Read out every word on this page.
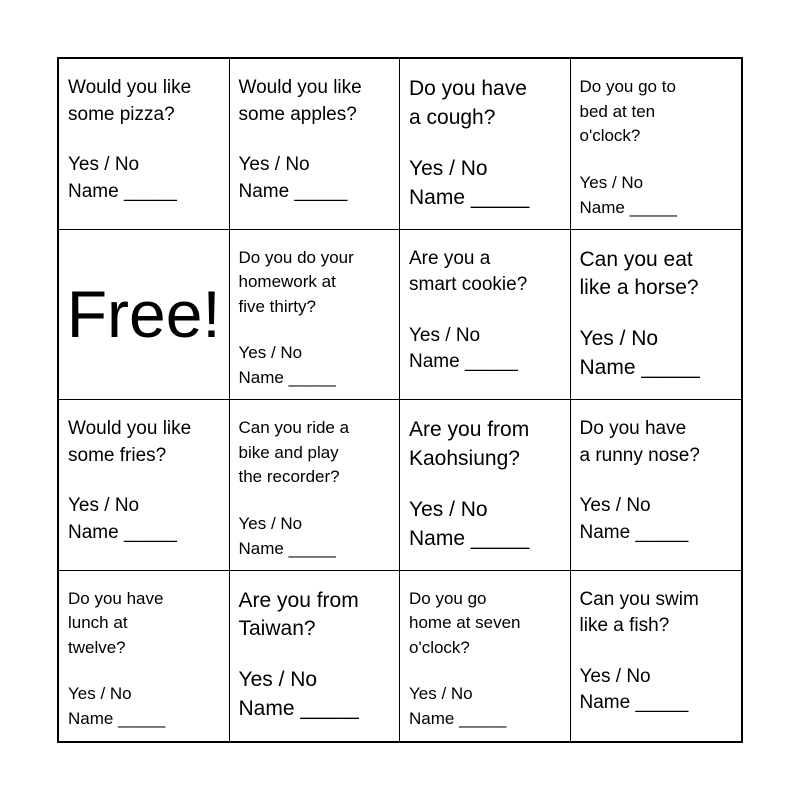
Would you like
some pizza?

Yes / No
Name _____

Would you like
some apples?

Yes / No
Name _____

Do you have
a cough?

Yes / No
Name _____

Do you go to
bed at ten
o'clock?

Yes / No
Name _____

Free!

Do you do your
homework at
five thirty?

Yes / No
Name _____

Are you a
smart cookie?

Yes / No
Name _____

Can you eat
like a horse?

Yes / No
Name _____

Would you like
some fries?

Yes / No
Name _____

Can you ride a
bike and play
the recorder?

Yes / No
Name _____

Are you from
Kaohsiung?

Yes / No
Name _____

Do you have
a runny nose?

Yes / No
Name _____

Do you have
lunch at
twelve?

Yes / No
Name _____

Are you from
Taiwan?

Yes / No
Name _____

Do you go
home at seven
o'clock?

Yes / No
Name _____

Can you swim
like a fish?

Yes / No
Name _____
